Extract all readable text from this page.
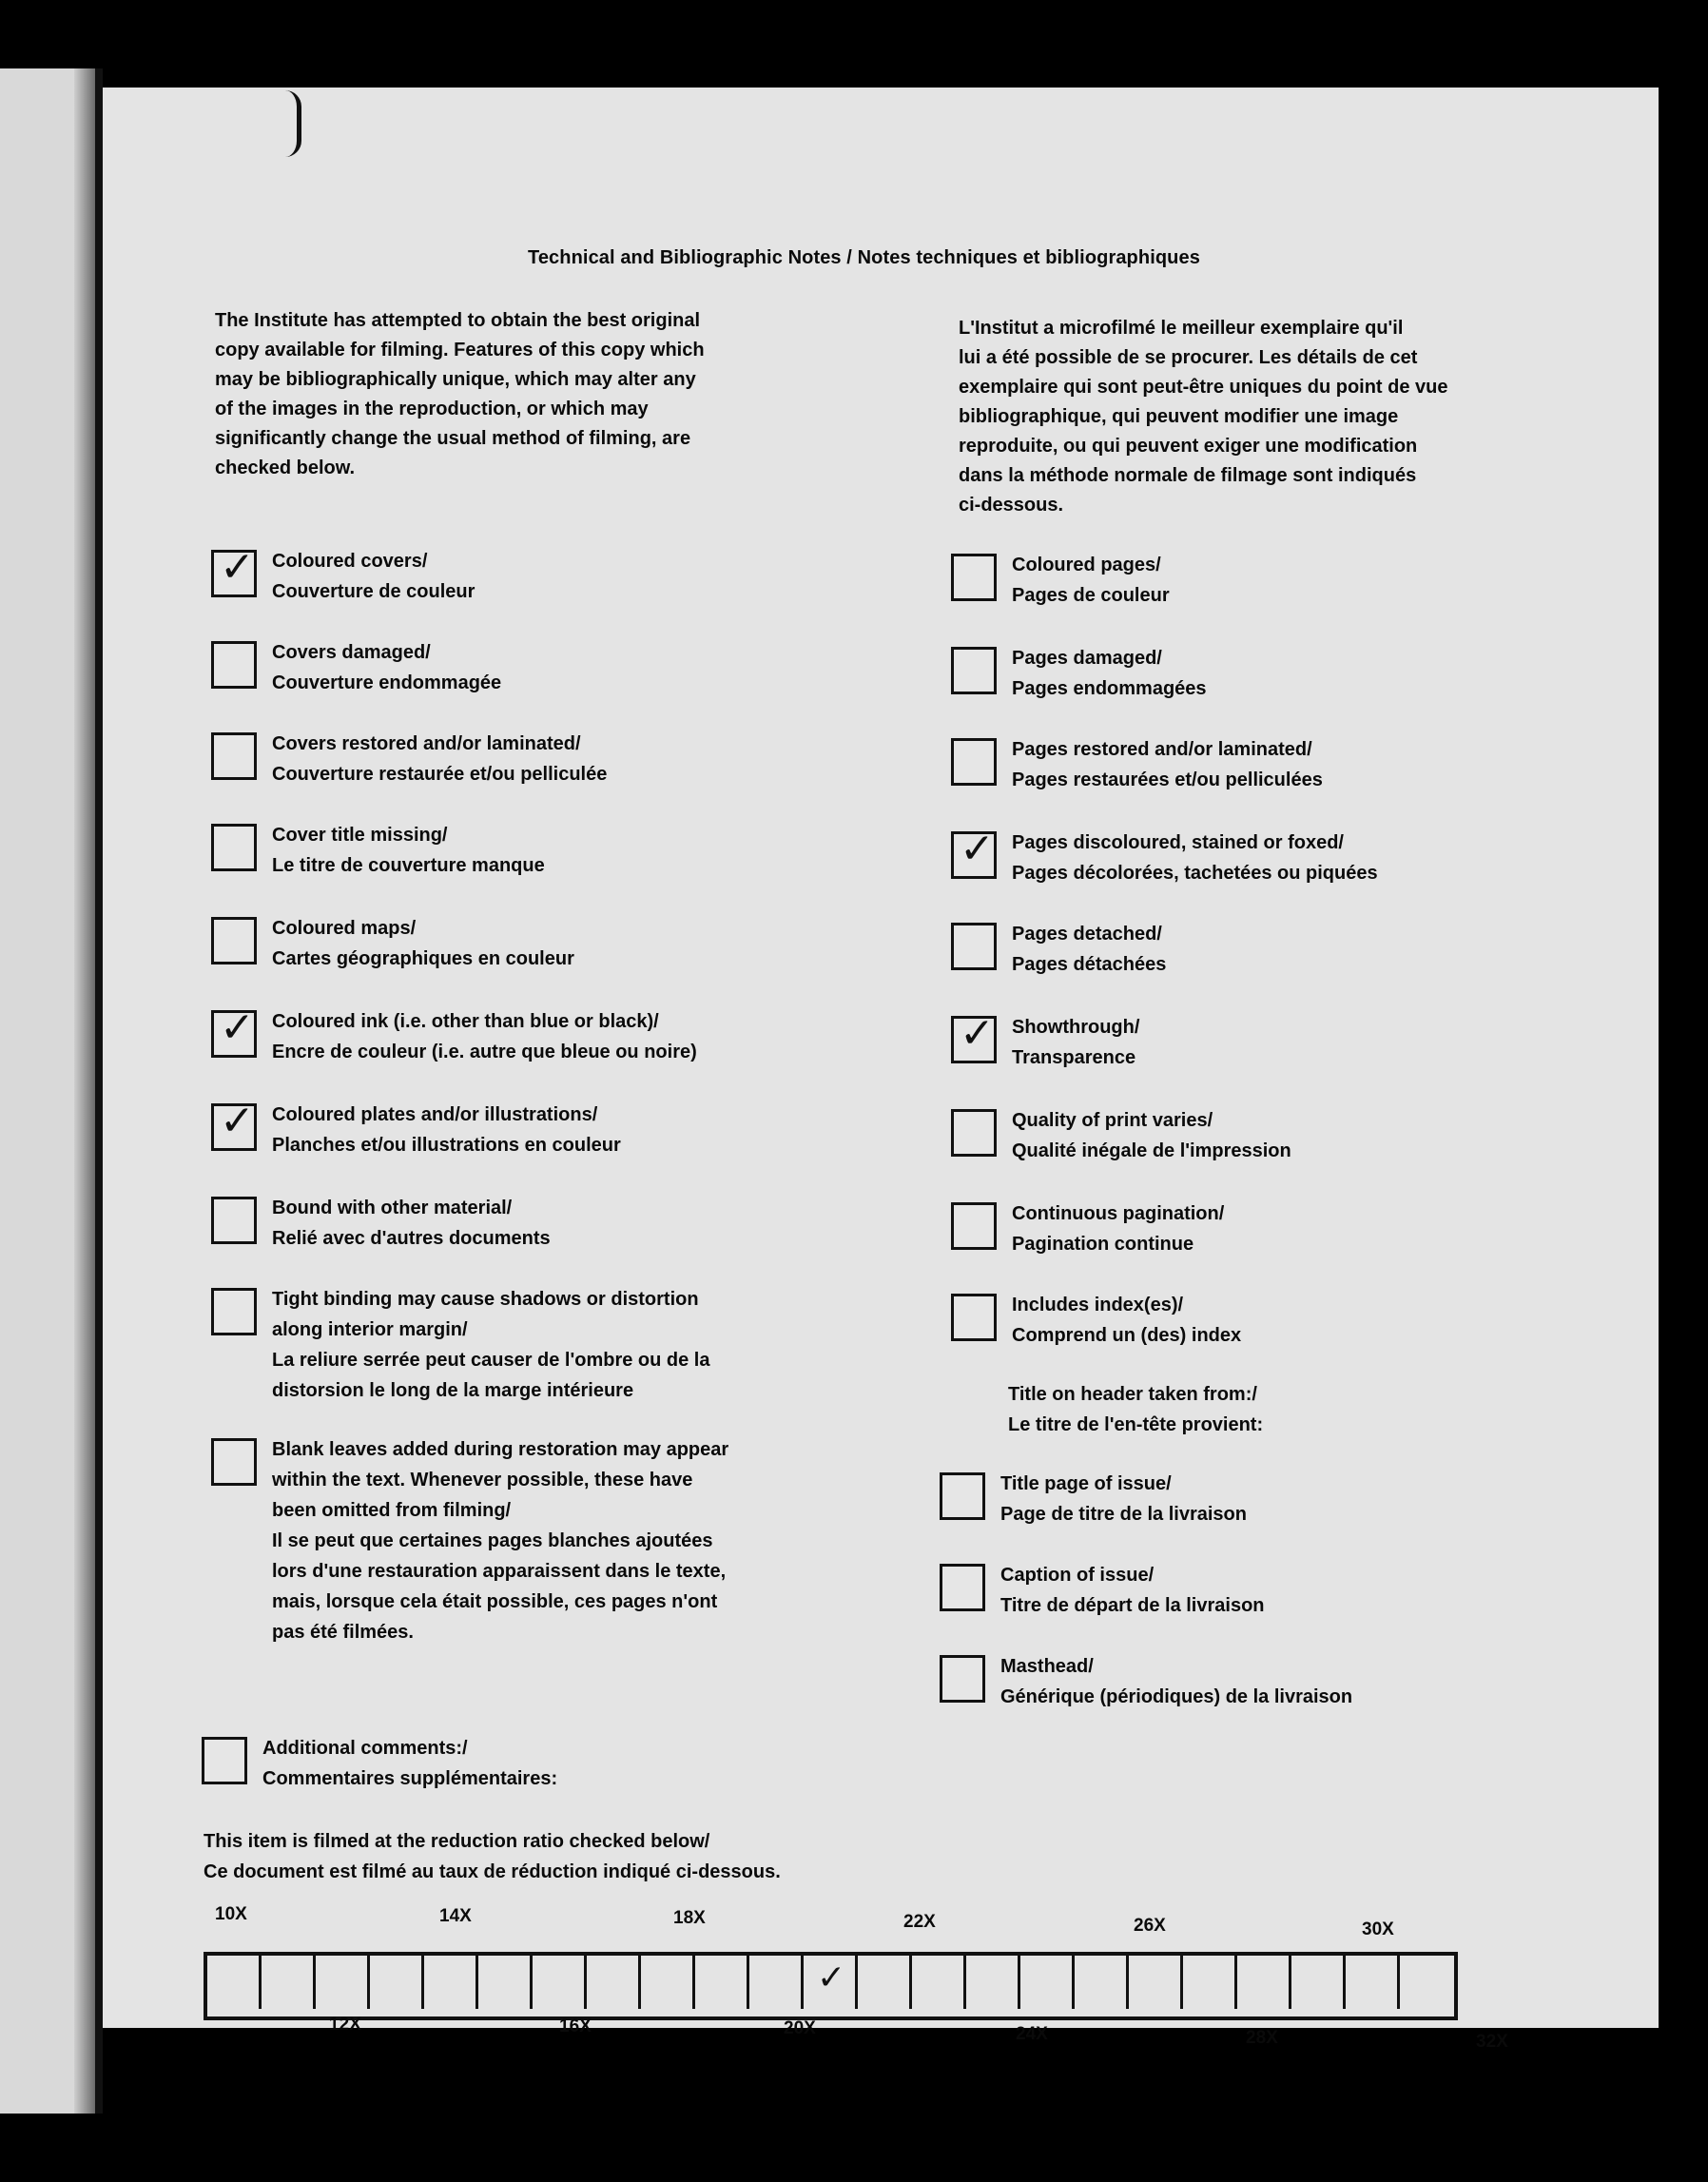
Technical and Bibliographic Notes / Notes techniques et bibliographiques

The Institute has attempted to obtain the best original
copy available for filming. Features of this copy which
may be bibliographically unique, which may alter any
of the images in the reproduction, or which may
significantly change the usual method of filming, are
checked below.

L'Institut a microfilmé le meilleur exemplaire qu'il
lui a été possible de se procurer. Les détails de cet
exemplaire qui sont peut-être uniques du point de vue
bibliographique, qui peuvent modifier une image
reproduite, ou qui peuvent exiger une modification
dans la méthode normale de filmage sont indiqués
ci-dessous.

✓ Coloured covers/
Couverture de couleur
Covers damaged/
Couverture endommagée
Covers restored and/or laminated/
Couverture restaurée et/ou pelliculée
Cover title missing/
Le titre de couverture manque
Coloured maps/
Cartes géographiques en couleur
✓ Coloured ink (i.e. other than blue or black)/
Encre de couleur (i.e. autre que bleue ou noire)
✓ Coloured plates and/or illustrations/
Planches et/ou illustrations en couleur
Bound with other material/
Relié avec d'autres documents
Tight binding may cause shadows or distortion
along interior margin/
La reliure serrée peut causer de l'ombre ou de la
distorsion le long de la marge intérieure
Blank leaves added during restoration may appear
within the text. Whenever possible, these have
been omitted from filming/
Il se peut que certaines pages blanches ajoutées
lors d'une restauration apparaissent dans le texte,
mais, lorsque cela était possible, ces pages n'ont
pas été filmées.
Coloured pages/
Pages de couleur
Pages damaged/
Pages endommagées
Pages restored and/or laminated/
Pages restaurées et/ou pelliculées
✓ Pages discoloured, stained or foxed/
Pages décolorées, tachetées ou piquées
Pages detached/
Pages détachées
✓ Showthrough/
Transparence
Quality of print varies/
Qualité inégale de l'impression
Continuous pagination/
Pagination continue
Includes index(es)/
Comprend un (des) index
Title on header taken from:/
Le titre de l'en-tête provient:
Title page of issue/
Page de titre de la livraison
Caption of issue/
Titre de départ de la livraison
Masthead/
Générique (périodiques) de la livraison
Additional comments:/
Commentaires supplémentaires:
This item is filmed at the reduction ratio checked below/
Ce document est filmé au taux de réduction indiqué ci-dessous.
10X	14X	18X	22X	26X	30X
✓
12X	16X	20X	24X	28X	32X
